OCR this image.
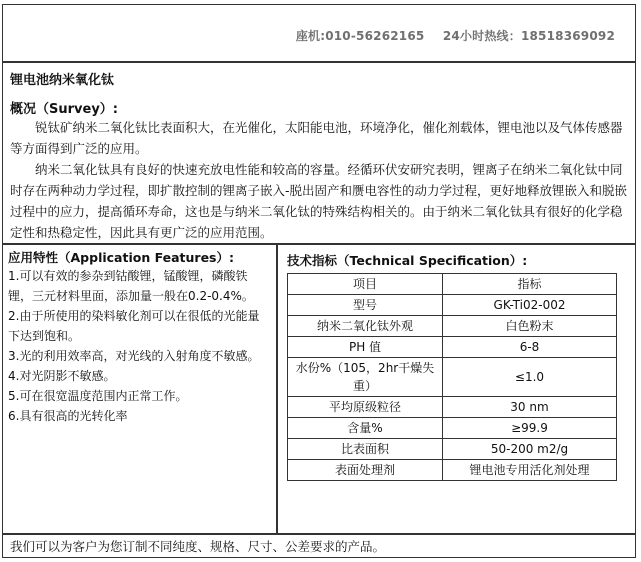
座机:010-56262165 24小时热线：18518369092
锂电池纳米氧化钛
概况（Survey）:

锐钛矿纳米二氧化钛比表面积大，在光催化，太阳能电池，环境净化，催化剂载体，锂电池以及气体传感器等方面得到广泛的应用。

纳米二氧化钛具有良好的快速充放电性能和较高的容量。经循环伏安研究表明，锂离子在纳米二氧化钛中同时存在两种动力学过程，即扩散控制的锂离子嵌入-脱出固产和赝电容性的动力学过程，更好地释放锂嵌入和脱嵌过程中的应力，提高循环寿命，这也是与纳米二氧化钛的特殊结构相关的。由于纳米二氧化钛具有很好的化学稳定性和热稳定性，因此具有更广泛的应用范围。

应用特性（Application Features）:
1.可以有效的参杂到钴酸锂，锰酸锂，磷酸铁锂，三元材料里面，添加量一般在0.2-0.4%。
2.由于所使用的染料敏化剂可以在很低的光能量下达到饱和。
3.光的利用效率高，对光线的入射角度不敏感。
4.对光阴影不敏感。
5.可在很宽温度范围内正常工作。
6.具有很高的光转化率
技术指标（Technical Specification）:
项目	指标
型号	GK-Ti02-002
纳米二氧化钛外观	白色粉末
PH 值	6-8
水份%（105，2hr干燥失重）	≤1.0
平均原级粒径	30 nm
含量%	≥99.9
比表面积	50-200 m2/g
表面处理剂	锂电池专用活化剂处理
我们可以为客户为您订制不同纯度、规格、尺寸、公差要求的产品。
